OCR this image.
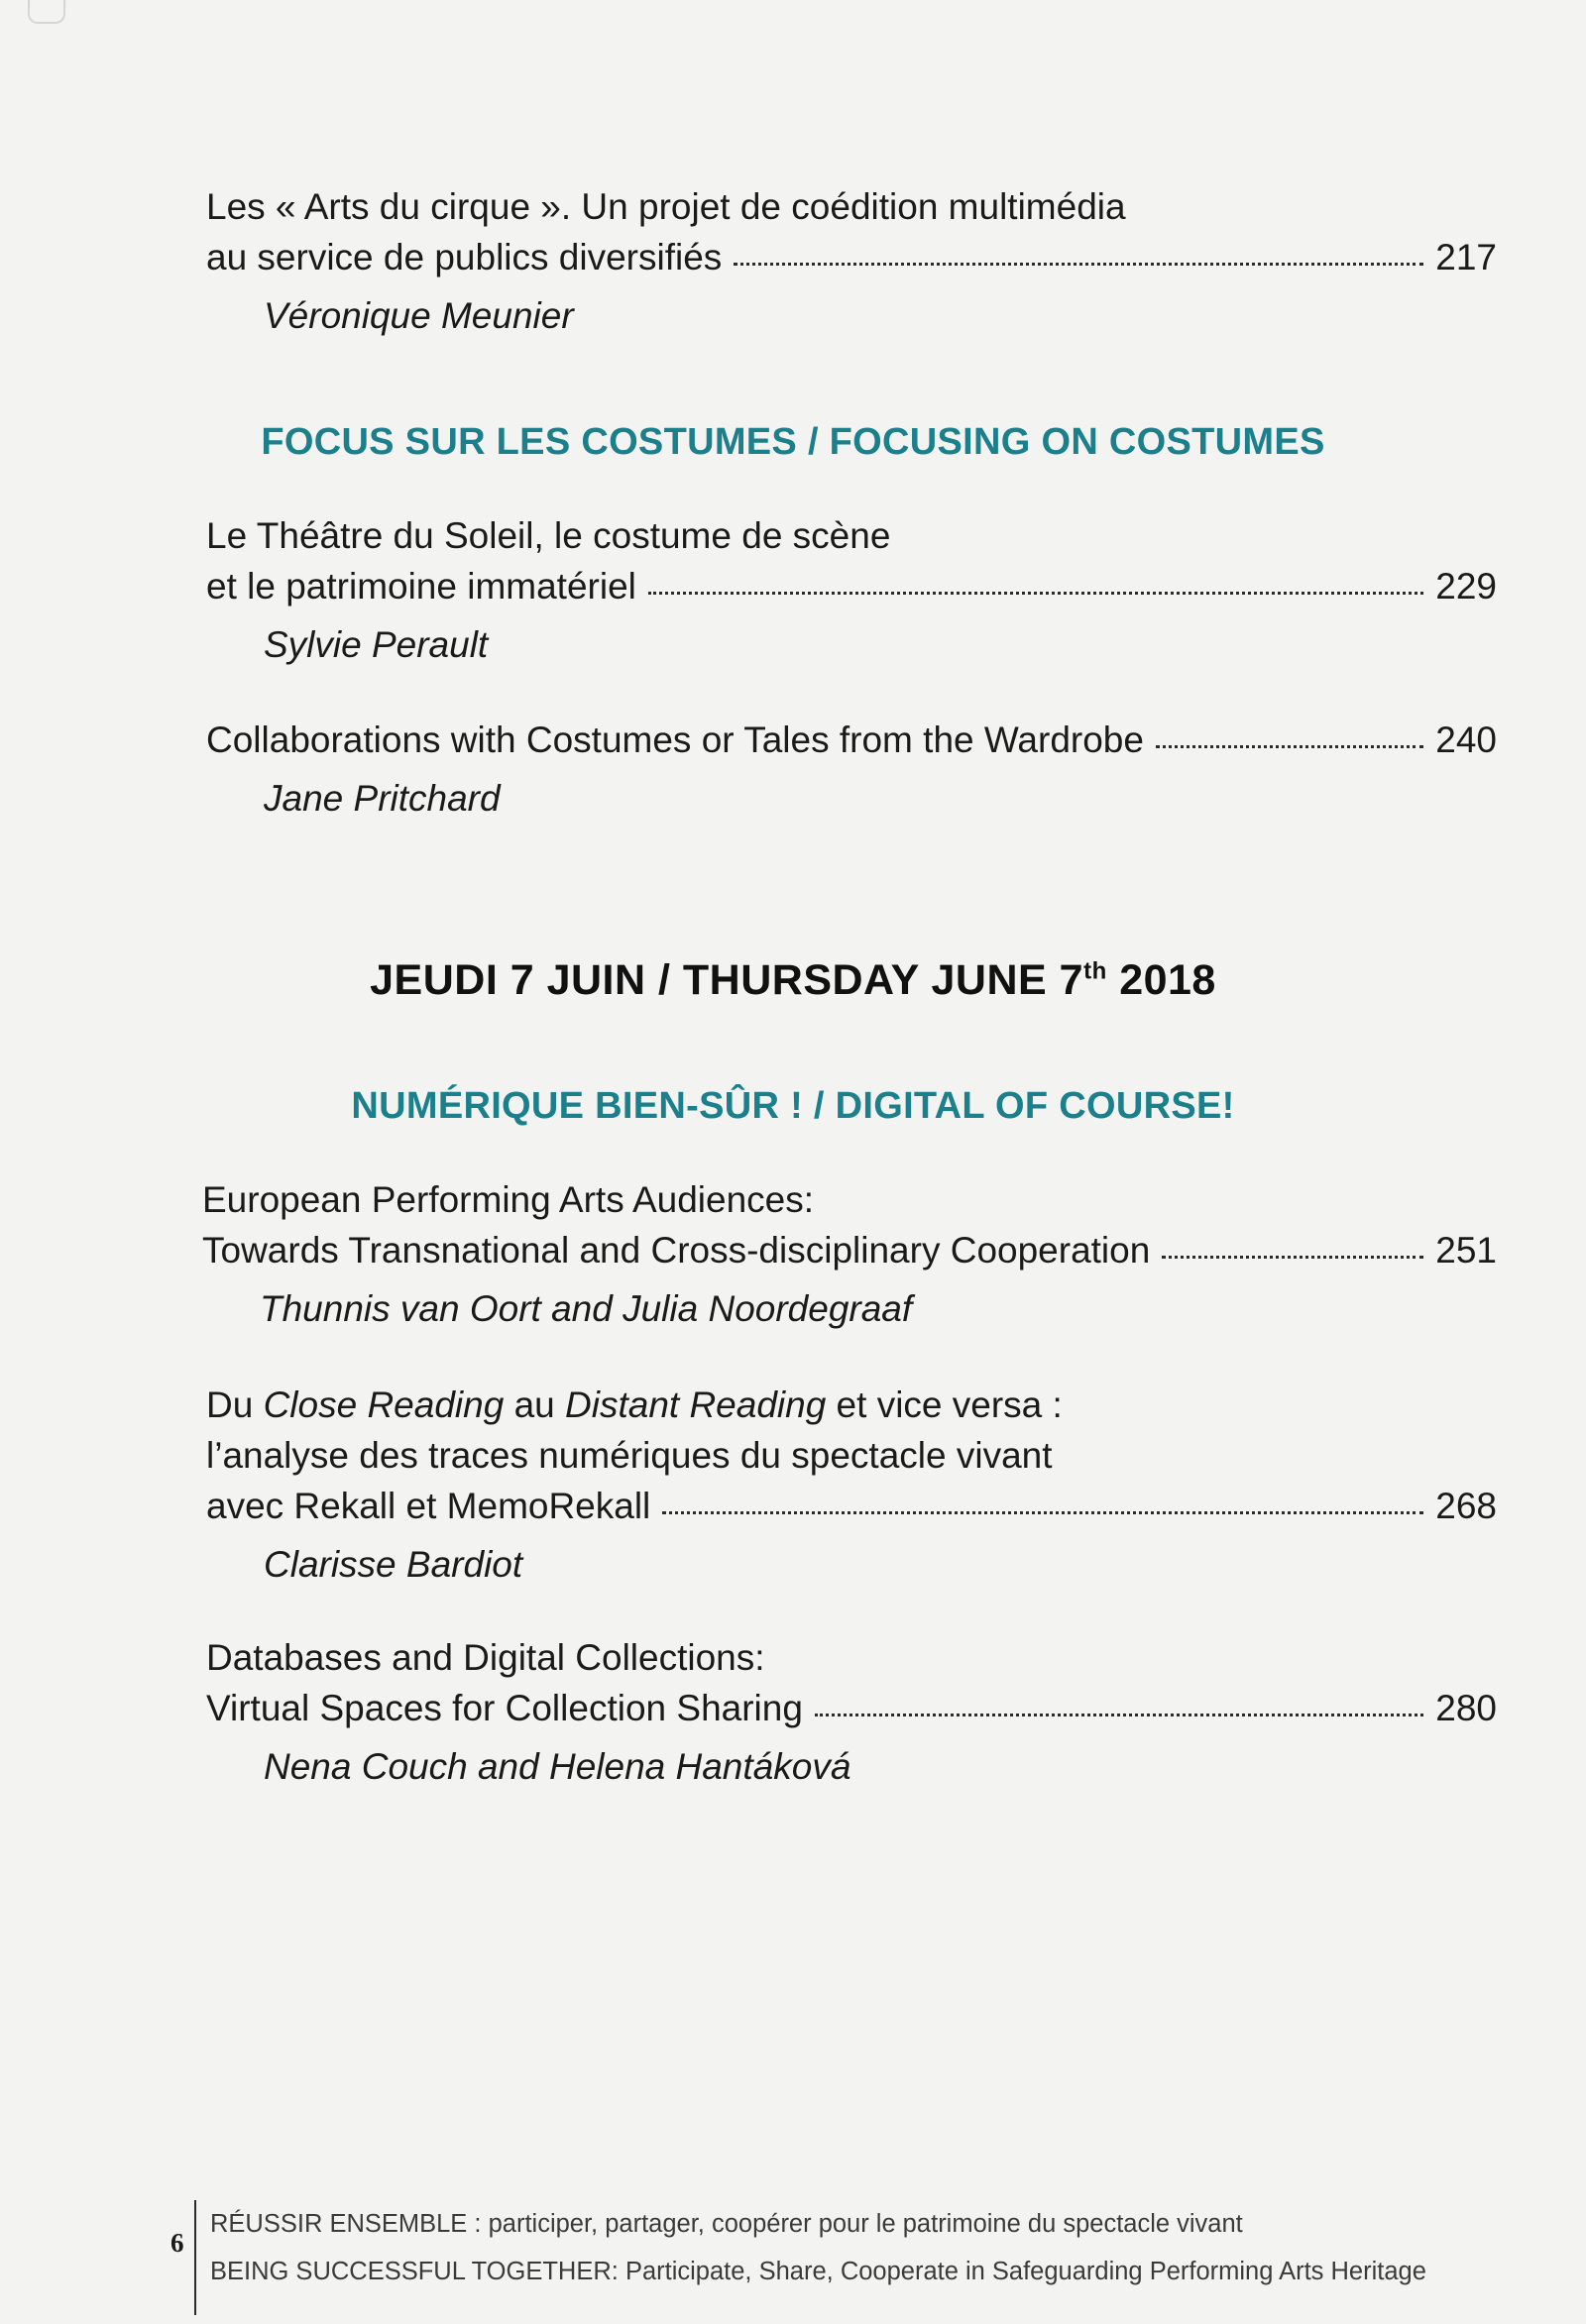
Les « Arts du cirque ». Un projet de coédition multimédia
au service de publics diversifiés	217
Véronique Meunier
FOCUS SUR LES COSTUMES / FOCUSING ON COSTUMES
Le Théâtre du Soleil, le costume de scène
et le patrimoine immatériel	229
Sylvie Perault
Collaborations with Costumes or Tales from the Wardrobe	240
Jane Pritchard
JEUDI 7 JUIN / THURSDAY JUNE 7th 2018
NUMÉRIQUE BIEN-SÛR ! / DIGITAL OF COURSE!
European Performing Arts Audiences:
Towards Transnational and Cross-disciplinary Cooperation	251
Thunnis van Oort and Julia Noordegraaf
Du Close Reading au Distant Reading et vice versa :
l’analyse des traces numériques du spectacle vivant
avec Rekall et MemoRekall	268
Clarisse Bardiot
Databases and Digital Collections:
Virtual Spaces for Collection Sharing	280
Nena Couch and Helena Hantáková
6
RÉUSSIR ENSEMBLE : participer, partager, coopérer pour le patrimoine du spectacle vivant
BEING SUCCESSFUL TOGETHER: Participate, Share, Cooperate in Safeguarding Performing Arts Heritage
